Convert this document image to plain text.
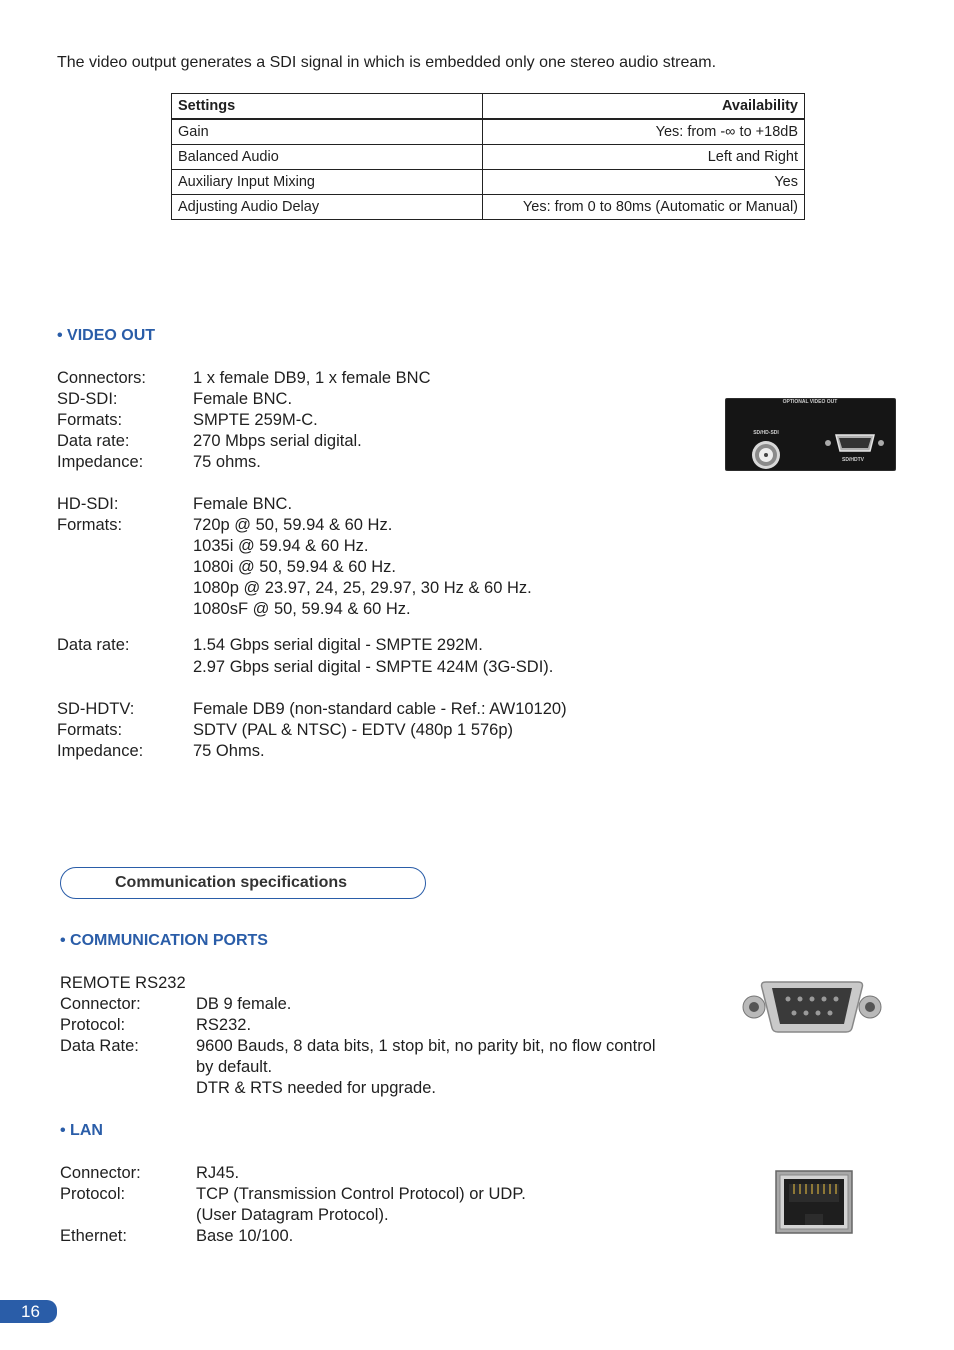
The video output generates a SDI signal in which is embedded only one stereo audio stream.
Settings	Availability
Gain	Yes: from -∞ to +18dB
Balanced Audio	Left and Right
Auxiliary Input Mixing	Yes
Adjusting Audio Delay	Yes: from 0 to 80ms (Automatic or Manual)
• VIDEO OUT
Connectors:	1 x female DB9, 1 x female BNC
SD-SDI:	Female BNC.
Formats:	SMPTE 259M-C.
Data rate:	270 Mbps serial digital.
Impedance:	75 ohms.
HD-SDI:	Female BNC.
Formats:	720p @ 50, 59.94 & 60 Hz.
1035i @ 59.94 & 60 Hz.
1080i @ 50, 59.94 & 60 Hz.
1080p @ 23.97, 24, 25, 29.97, 30 Hz & 60 Hz.
1080sF @ 50, 59.94 & 60 Hz.
Data rate:	1.54 Gbps serial digital - SMPTE 292M.
2.97 Gbps serial digital - SMPTE 424M (3G-SDI).
SD-HDTV:	Female DB9 (non-standard cable - Ref.: AW10120)
Formats:	SDTV (PAL & NTSC) - EDTV (480p 1 576p)
Impedance:	75 Ohms.
OPTIONAL VIDEO OUT
SD/HD-SDI
SD/HDTV
Communication specifications
• COMMUNICATION PORTS
REMOTE RS232
Connector:	DB 9 female.
Protocol:	RS232.
Data Rate:	9600 Bauds, 8 data bits, 1 stop bit, no parity bit, no flow control
by default.
DTR & RTS needed for upgrade.
• LAN
Connector:	RJ45.
Protocol:	TCP (Transmission Control Protocol) or UDP.
(User Datagram Protocol).
Ethernet:	Base 10/100.
16
